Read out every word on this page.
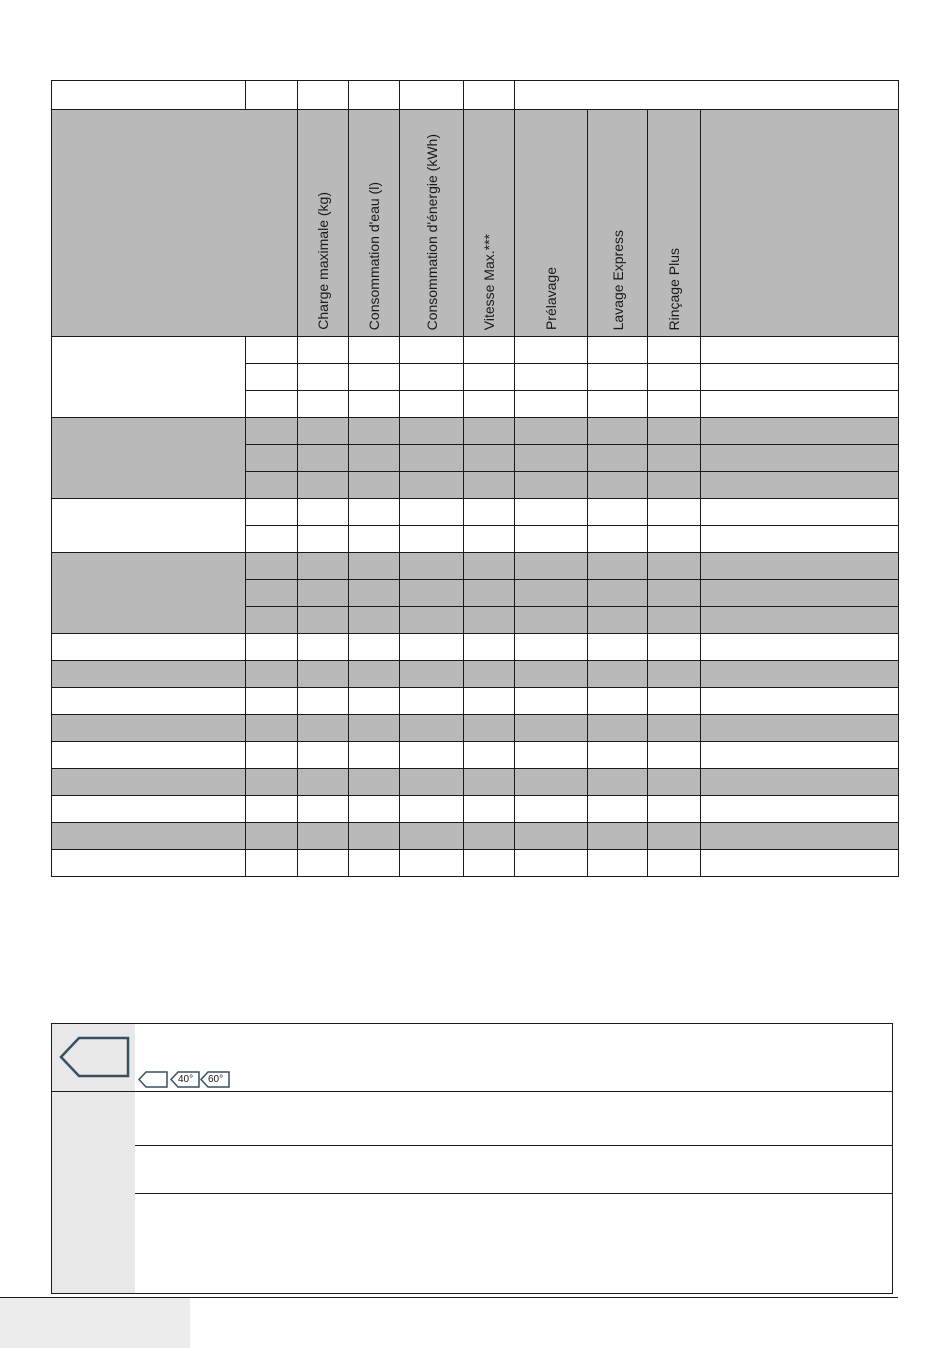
		Charge maximale (kg)	Consommation d'eau (l)	Consommation d'énergie (kWh)	Vitesse Max.***	Prélavage	Lavage Express	Rinçage Plus	

40° 60°
